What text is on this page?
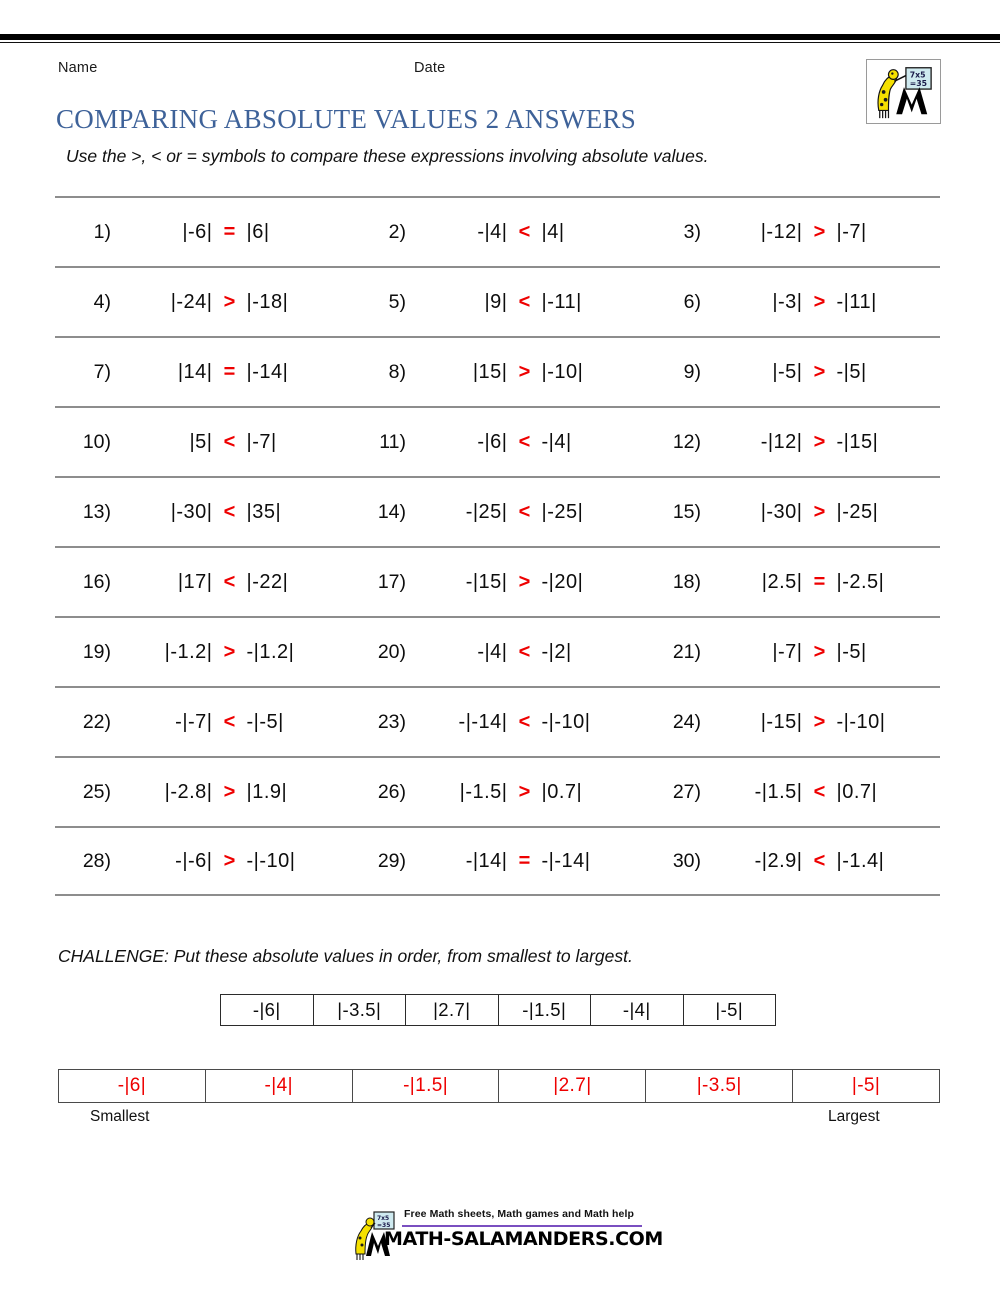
Name	Date
COMPARING ABSOLUTE VALUES 2 ANSWERS
Use the >, < or = symbols to compare these expressions involving absolute values.
7x5
=35
1)	|-6| = |6|	2)	-|4| < |4|	3)	|-12| > |-7|
4)	|-24| > |-18|	5)	|9| < |-11|	6)	|-3| > -|11|
7)	|14| = |-14|	8)	|15| > |-10|	9)	|-5| > -|5|
10)	|5| < |-7|	11)	-|6| < -|4|	12)	-|12| > -|15|
13)	|-30| < |35|	14)	-|25| < |-25|	15)	|-30| > |-25|
16)	|17| < |-22|	17)	-|15| > -|20|	18)	|2.5| = |-2.5|
19)	|-1.2| > -|1.2|	20)	-|4| < -|2|	21)	|-7| > |-5|
22)	-|-7| < -|-5|	23)	-|-14| < -|-10|	24)	|-15| > -|-10|
25)	|-2.8| > |1.9|	26)	|-1.5| > |0.7|	27)	-|1.5| < |0.7|
28)	-|-6| > -|-10|	29)	-|14| = -|-14|	30)	-|2.9| < |-1.4|
CHALLENGE: Put these absolute values in order, from smallest to largest.
-|6|	|-3.5|	|2.7|	-|1.5|	-|4|	|-5|
-|6|	-|4|	-|1.5|	|2.7|	|-3.5|	|-5|
Smallest	Largest
7x5
=35
Free Math sheets, Math games and Math help
MATH-SALAMANDERS.COM
